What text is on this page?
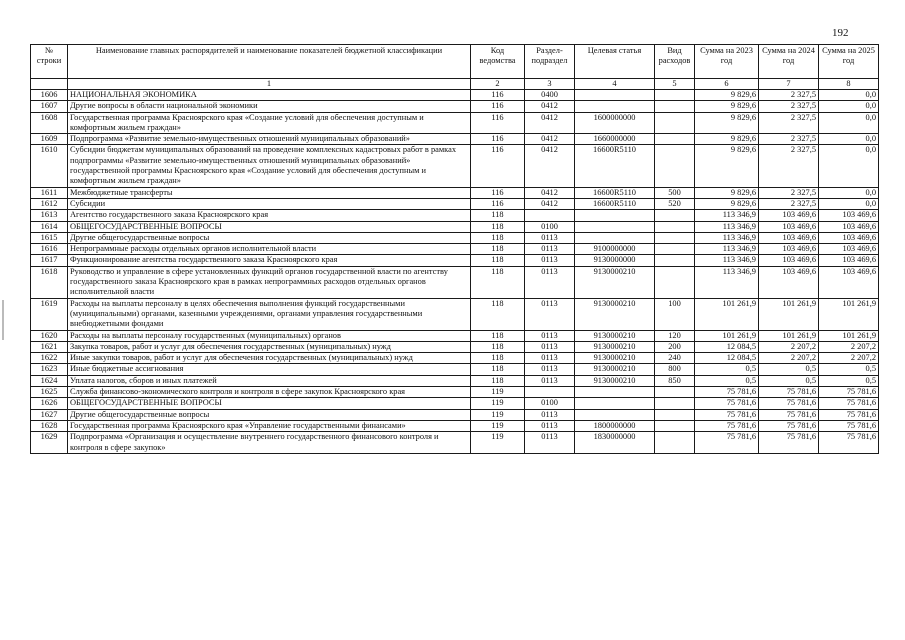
192
№ строки	Наименование главных распорядителей и наименование показателей бюджетной классификации	Код ведомства	Раздел-подраздел	Целевая статья	Вид расходов	Сумма на 2023 год	Сумма на 2024 год	Сумма на 2025 год
	1	2	3	4	5	6	7	8
1606	НАЦИОНАЛЬНАЯ ЭКОНОМИКА	116	0400			9 829,6	2 327,5	0,0
1607	Другие вопросы в области национальной экономики	116	0412			9 829,6	2 327,5	0,0
1608	Государственная программа Красноярского края «Создание условий для обеспечения доступным и комфортным жильем граждан»	116	0412	1600000000		9 829,6	2 327,5	0,0
1609	Подпрограмма «Развитие земельно-имущественных отношений муниципальных образований»	116	0412	1660000000		9 829,6	2 327,5	0,0
1610	Субсидии бюджетам муниципальных образований на проведение комплексных кадастровых работ в рамках подпрограммы «Развитие земельно-имущественных отношений муниципальных образований» государственной программы Красноярского края «Создание условий для обеспечения доступным и комфортным жильем граждан»	116	0412	16600R5110		9 829,6	2 327,5	0,0
1611	Межбюджетные трансферты	116	0412	16600R5110	500	9 829,6	2 327,5	0,0
1612	Субсидии	116	0412	16600R5110	520	9 829,6	2 327,5	0,0
1613	Агентство государственного заказа Красноярского края	118				113 346,9	103 469,6	103 469,6
1614	ОБЩЕГОСУДАРСТВЕННЫЕ ВОПРОСЫ	118	0100			113 346,9	103 469,6	103 469,6
1615	Другие общегосударственные вопросы	118	0113			113 346,9	103 469,6	103 469,6
1616	Непрограммные расходы отдельных органов исполнительной власти	118	0113	9100000000		113 346,9	103 469,6	103 469,6
1617	Функционирование агентства государственного заказа Красноярского края	118	0113	9130000000		113 346,9	103 469,6	103 469,6
1618	Руководство и управление в сфере установленных функций органов государственной власти по агентству государственного заказа Красноярского края в рамках непрограммных расходов отдельных органов исполнительной власти	118	0113	9130000210		113 346,9	103 469,6	103 469,6
1619	Расходы на выплаты персоналу в целях обеспечения выполнения функций государственными (муниципальными) органами, казенными учреждениями, органами управления государственными внебюджетными фондами	118	0113	9130000210	100	101 261,9	101 261,9	101 261,9
1620	Расходы на выплаты персоналу государственных (муниципальных) органов	118	0113	9130000210	120	101 261,9	101 261,9	101 261,9
1621	Закупка товаров, работ и услуг для обеспечения государственных (муниципальных) нужд	118	0113	9130000210	200	12 084,5	2 207,2	2 207,2
1622	Иные закупки товаров, работ и услуг для обеспечения государственных (муниципальных) нужд	118	0113	9130000210	240	12 084,5	2 207,2	2 207,2
1623	Иные бюджетные ассигнования	118	0113	9130000210	800	0,5	0,5	0,5
1624	Уплата налогов, сборов и иных платежей	118	0113	9130000210	850	0,5	0,5	0,5
1625	Служба финансово-экономического контроля и контроля в сфере закупок Красноярского края	119				75 781,6	75 781,6	75 781,6
1626	ОБЩЕГОСУДАРСТВЕННЫЕ ВОПРОСЫ	119	0100			75 781,6	75 781,6	75 781,6
1627	Другие общегосударственные вопросы	119	0113			75 781,6	75 781,6	75 781,6
1628	Государственная программа Красноярского края «Управление государственными финансами»	119	0113	1800000000		75 781,6	75 781,6	75 781,6
1629	Подпрограмма «Организация и осуществление внутреннего государственного финансового контроля и контроля в сфере закупок»	119	0113	1830000000		75 781,6	75 781,6	75 781,6
